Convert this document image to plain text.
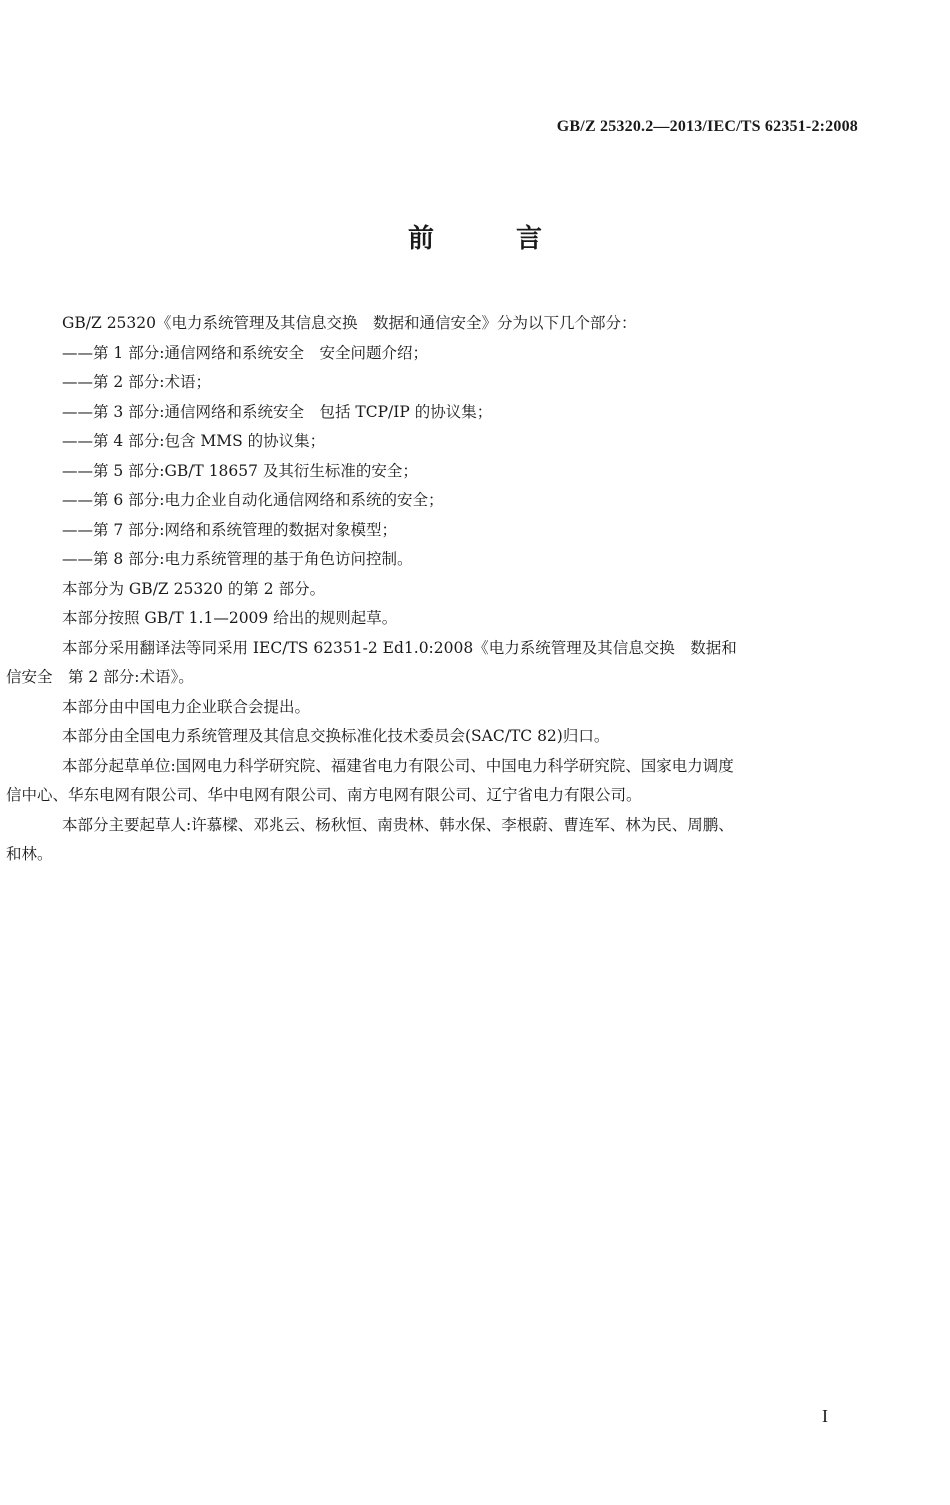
GB/Z 25320.2—2013/IEC/TS 62351-2:2008
前　言

GB/Z 25320《电力系统管理及其信息交换　数据和通信安全》分为以下几个部分：

——第 1 部分:通信网络和系统安全　安全问题介绍；
——第 2 部分:术语；
——第 3 部分:通信网络和系统安全　包括 TCP/IP 的协议集；
——第 4 部分:包含 MMS 的协议集；
——第 5 部分:GB/T 18657 及其衍生标准的安全；
——第 6 部分:电力企业自动化通信网络和系统的安全；
——第 7 部分:网络和系统管理的数据对象模型；
——第 8 部分:电力系统管理的基于角色访问控制。

本部分为 GB/Z 25320 的第 2 部分。

本部分按照 GB/T 1.1—2009 给出的规则起草。

本部分采用翻译法等同采用 IEC/TS 62351-2 Ed1.0:2008《电力系统管理及其信息交换　数据和

信安全　第 2 部分:术语》。

本部分由中国电力企业联合会提出。

本部分由全国电力系统管理及其信息交换标准化技术委员会(SAC/TC 82)归口。

本部分起草单位:国网电力科学研究院、福建省电力有限公司、中国电力科学研究院、国家电力调度

信中心、华东电网有限公司、华中电网有限公司、南方电网有限公司、辽宁省电力有限公司。

本部分主要起草人:许慕樑、邓兆云、杨秋恒、南贵林、韩水保、李根蔚、曹连军、林为民、周鹏、

和林。

I
